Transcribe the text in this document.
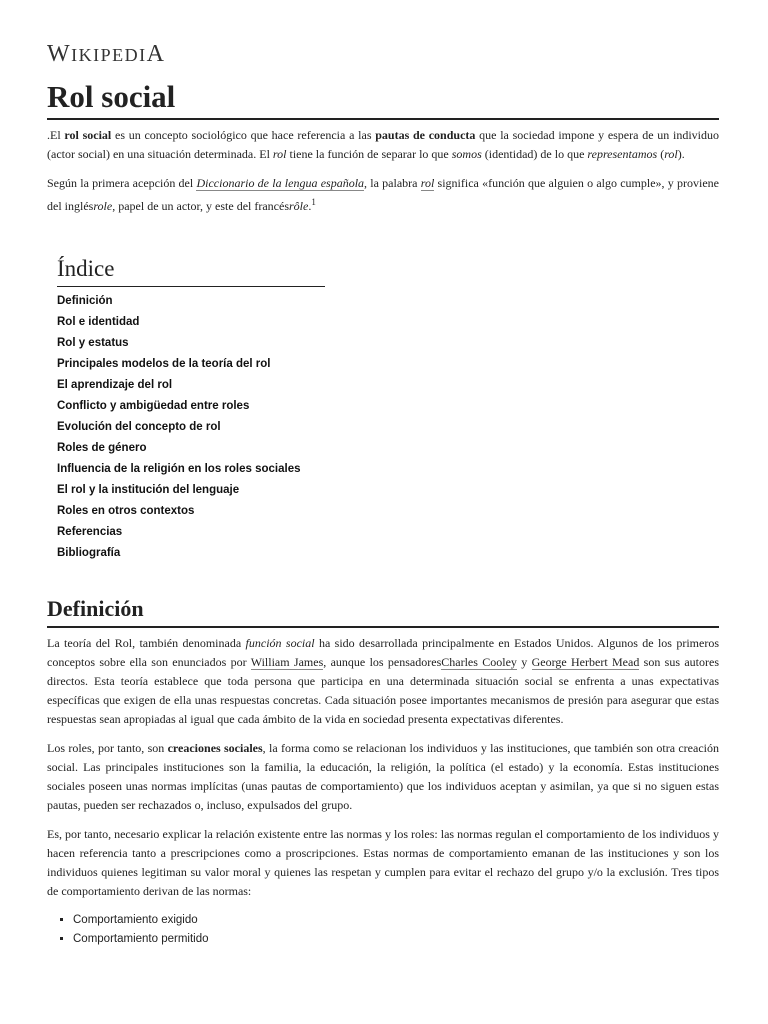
WIKIPEDIA
Rol social

.El rol social es un concepto sociológico que hace referencia a las pautas de conducta que la sociedad impone y espera de un individuo (actor social) en una situación determinada. El rol tiene la función de separar lo que somos (identidad) de lo que representamos (rol).

Según la primera acepción del Diccionario de la lengua española, la palabra rol significa «función que alguien o algo cumple», y proviene del inglésrole, papel de un actor, y este del francésrôle.$^1$

Índice
Definición
Rol e identidad
Rol y estatus
Principales modelos de la teoría del rol
El aprendizaje del rol
Conflicto y ambigüedad entre roles
Evolución del concepto de rol
Roles de género
Influencia de la religión en los roles sociales
El rol y la institución del lenguaje
Roles en otros contextos
Referencias
Bibliografía
Definición

La teoría del Rol, también denominada función social ha sido desarrollada principalmente en Estados Unidos. Algunos de los primeros conceptos sobre ella son enunciados por William James, aunque los pensadoresCharles Cooley y George Herbert Mead son sus autores directos. Esta teoría establece que toda persona que participa en una determinada situación social se enfrenta a unas expectativas específicas que exigen de ella unas respuestas concretas. Cada situación posee importantes mecanismos de presión para asegurar que estas respuestas sean apropiadas al igual que cada ámbito de la vida en sociedad presenta expectativas diferentes.

Los roles, por tanto, son creaciones sociales, la forma como se relacionan los individuos y las instituciones, que también son otra creación social. Las principales instituciones son la familia, la educación, la religión, la política (el estado) y la economía. Estas instituciones sociales poseen unas normas implícitas (unas pautas de comportamiento) que los individuos aceptan y asimilan, ya que si no siguen estas pautas, pueden ser rechazados o, incluso, expulsados del grupo.

Es, por tanto, necesario explicar la relación existente entre las normas y los roles: las normas regulan el comportamiento de los individuos y hacen referencia tanto a prescripciones como a proscripciones. Estas normas de comportamiento emanan de las instituciones y son los individuos quienes legitiman su valor moral y quienes las respetan y cumplen para evitar el rechazo del grupo y/o la exclusión. Tres tipos de comportamiento derivan de las normas:

▪ Comportamiento exigido
▪ Comportamiento permitido
